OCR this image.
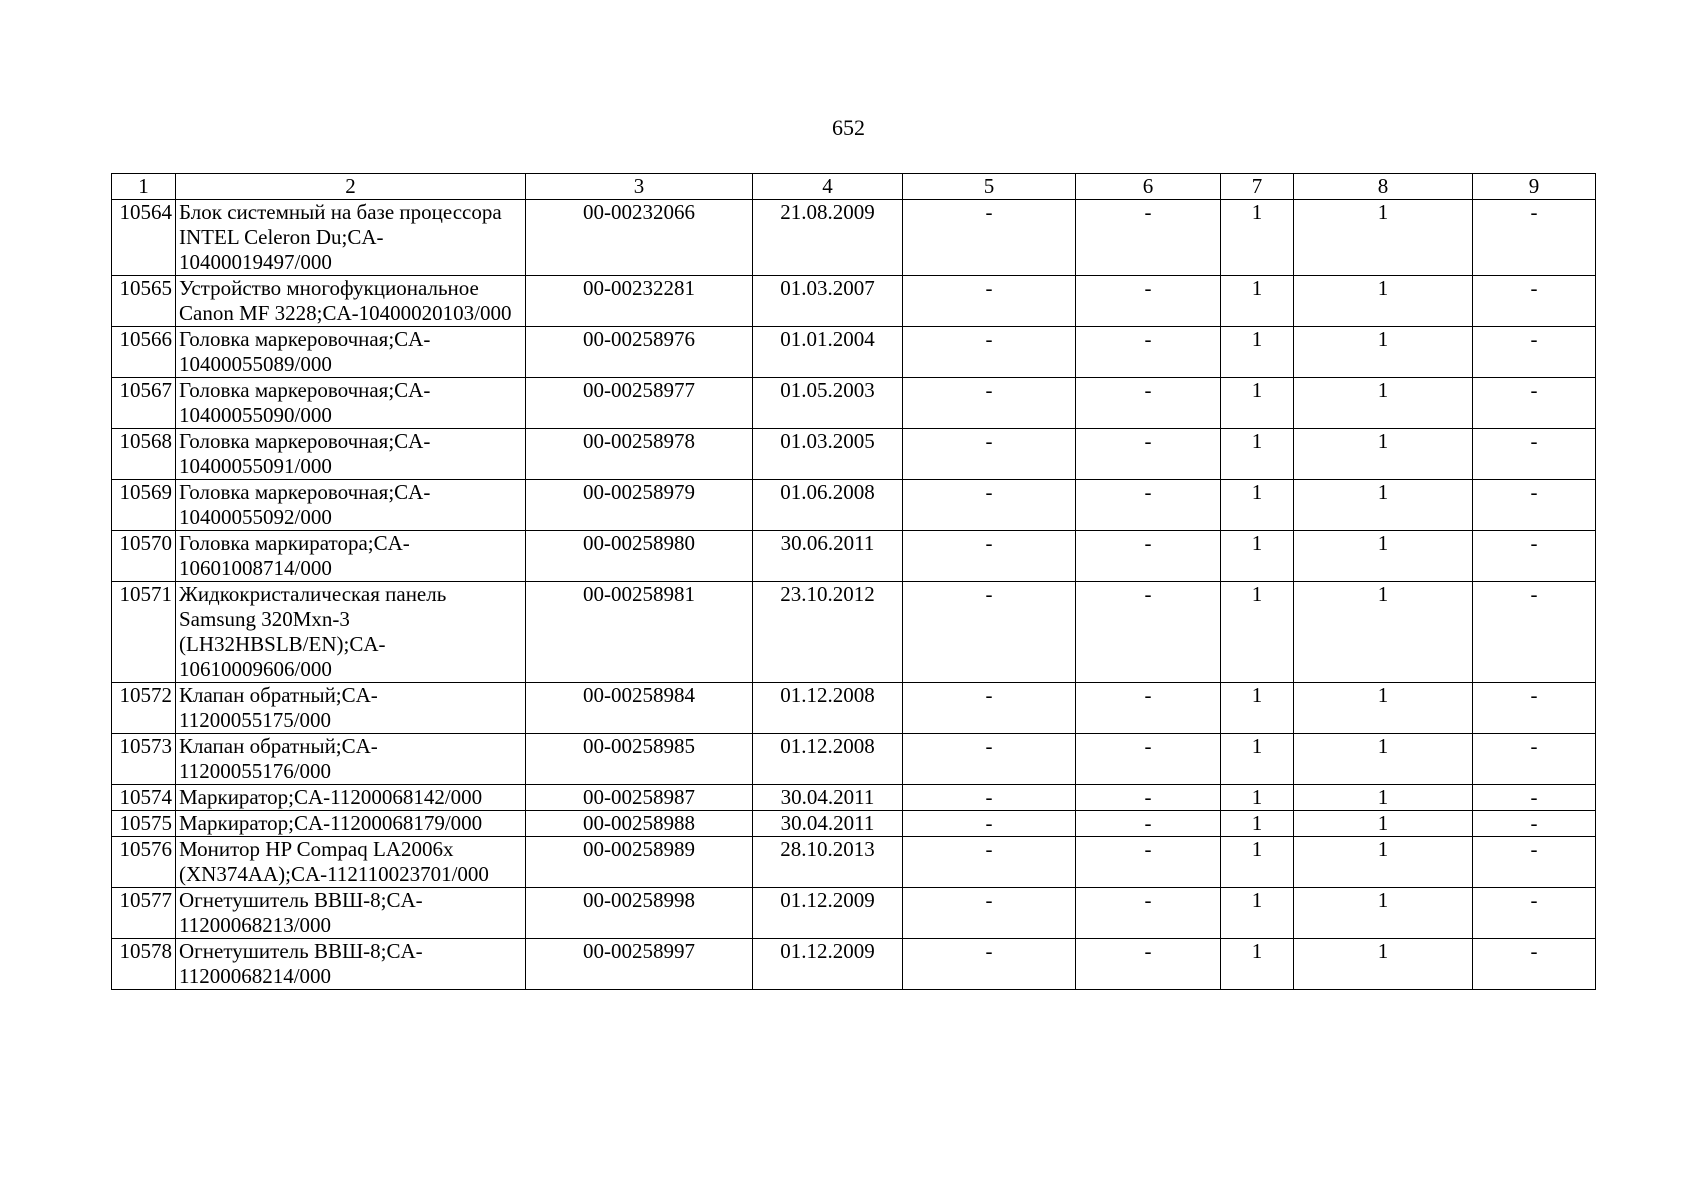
652
1	2	3	4	5	6	7	8	9
10564	Блок системный на базе процессора INTEL Celeron Du;CA-10400019497/000	00-00232066	21.08.2009	-	-	1	1	-
10565	Устройство многофукциональное Canon MF 3228;CA-10400020103/000	00-00232281	01.03.2007	-	-	1	1	-
10566	Головка маркеровочная;CA-10400055089/000	00-00258976	01.01.2004	-	-	1	1	-
10567	Головка маркеровочная;CA-10400055090/000	00-00258977	01.05.2003	-	-	1	1	-
10568	Головка маркеровочная;CA-10400055091/000	00-00258978	01.03.2005	-	-	1	1	-
10569	Головка маркеровочная;CA-10400055092/000	00-00258979	01.06.2008	-	-	1	1	-
10570	Головка маркиратора;CA-10601008714/000	00-00258980	30.06.2011	-	-	1	1	-
10571	Жидкокристалическая панель Samsung 320Mxn-3 (LH32HBSLB/EN);CA-10610009606/000	00-00258981	23.10.2012	-	-	1	1	-
10572	Клапан обратный;CA-11200055175/000	00-00258984	01.12.2008	-	-	1	1	-
10573	Клапан обратный;CA-11200055176/000	00-00258985	01.12.2008	-	-	1	1	-
10574	Маркиратор;CA-11200068142/000	00-00258987	30.04.2011	-	-	1	1	-
10575	Маркиратор;CA-11200068179/000	00-00258988	30.04.2011	-	-	1	1	-
10576	Монитор HP Compaq LA2006x (XN374AA);CA-112110023701/000	00-00258989	28.10.2013	-	-	1	1	-
10577	Огнетушитель ВВШ-8;CA-11200068213/000	00-00258998	01.12.2009	-	-	1	1	-
10578	Огнетушитель ВВШ-8;CA-11200068214/000	00-00258997	01.12.2009	-	-	1	1	-
